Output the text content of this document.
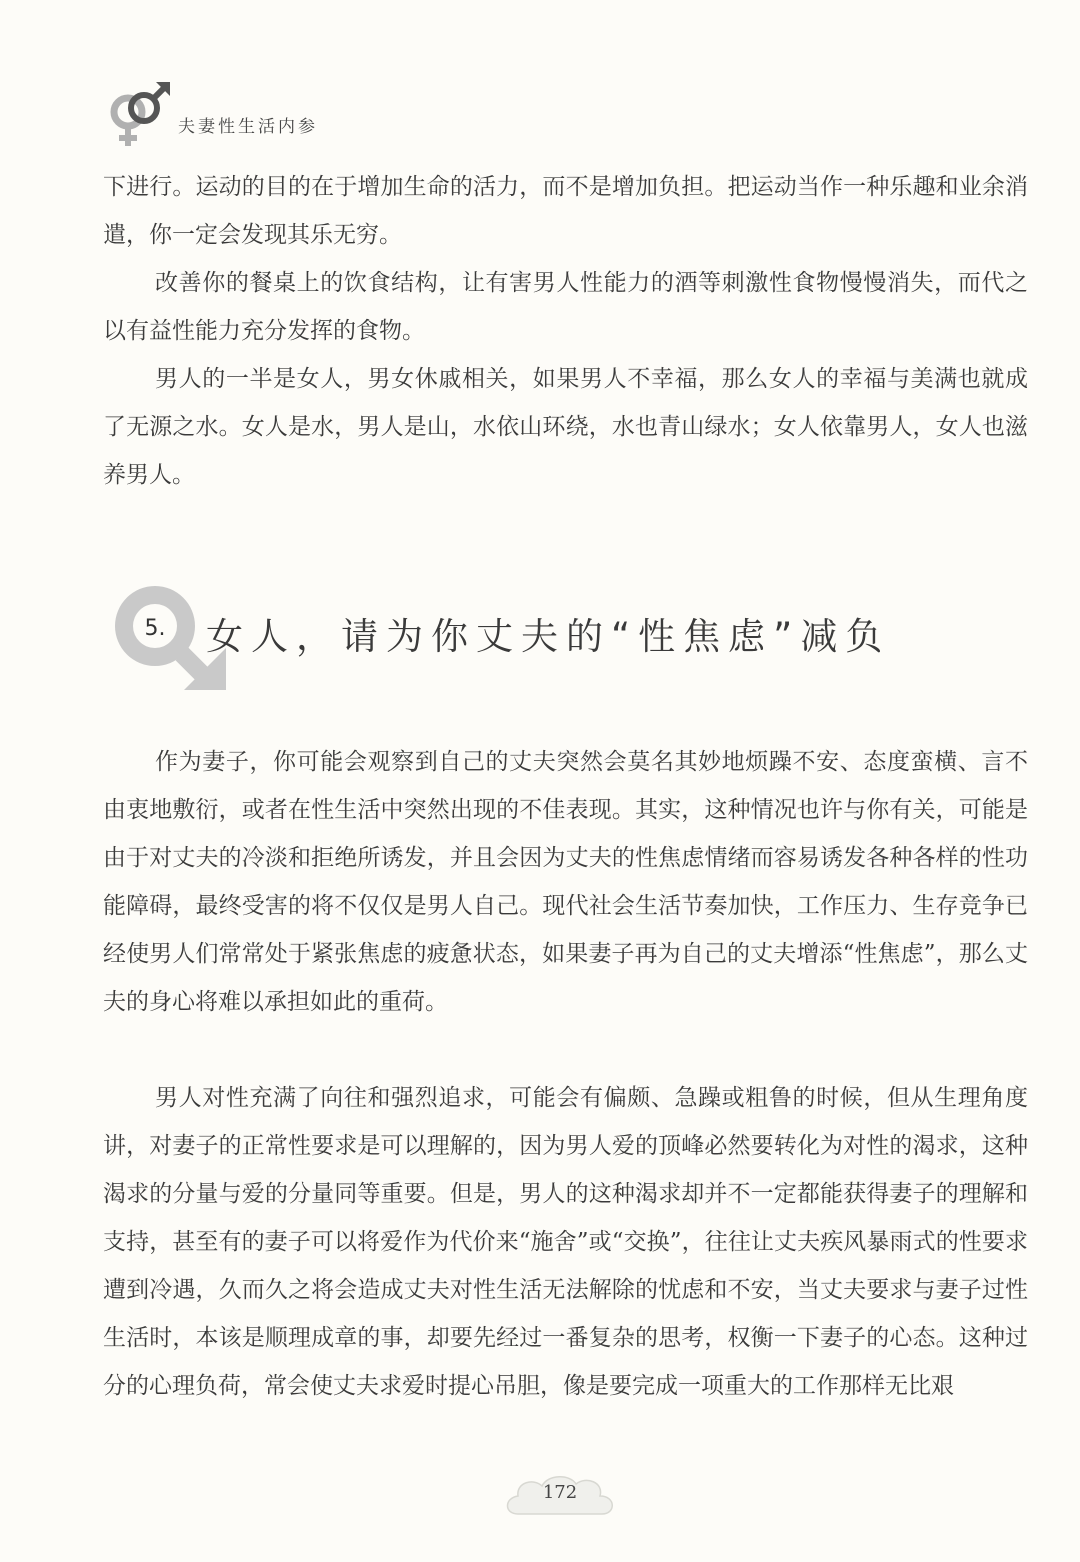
夫妻性生活内参

下进行。运动的目的在于增加生命的活力，而不是增加负担。把运动当作一种乐趣和业余消遣，你一定会发现其乐无穷。

改善你的餐桌上的饮食结构，让有害男人性能力的酒等刺激性食物慢慢消失，而代之以有益性能力充分发挥的食物。

男人的一半是女人，男女休戚相关，如果男人不幸福，那么女人的幸福与美满也就成了无源之水。女人是水，男人是山，水依山环绕，水也青山绿水；女人依靠男人，女人也滋养男人。

5. 女人，请为你丈夫的“性焦虑”减负

作为妻子，你可能会观察到自己的丈夫突然会莫名其妙地烦躁不安、态度蛮横、言不由衷地敷衍，或者在性生活中突然出现的不佳表现。其实，这种情况也许与你有关，可能是由于对丈夫的冷淡和拒绝所诱发，并且会因为丈夫的性焦虑情绪而容易诱发各种各样的性功能障碍，最终受害的将不仅仅是男人自己。现代社会生活节奏加快，工作压力、生存竞争已经使男人们常常处于紧张焦虑的疲惫状态，如果妻子再为自己的丈夫增添“性焦虑”，那么丈夫的身心将难以承担如此的重荷。

男人对性充满了向往和强烈追求，可能会有偏颇、急躁或粗鲁的时候，但从生理角度讲，对妻子的正常性要求是可以理解的，因为男人爱的顶峰必然要转化为对性的渴求，这种渴求的分量与爱的分量同等重要。但是，男人的这种渴求却并不一定都能获得妻子的理解和支持，甚至有的妻子可以将爱作为代价来“施舍”或“交换”，往往让丈夫疾风暴雨式的性要求遭到冷遇，久而久之将会造成丈夫对性生活无法解除的忧虑和不安，当丈夫要求与妻子过性生活时，本该是顺理成章的事，却要先经过一番复杂的思考，权衡一下妻子的心态。这种过分的心理负荷，常会使丈夫求爱时提心吊胆，像是要完成一项重大的工作那样无比艰

172
